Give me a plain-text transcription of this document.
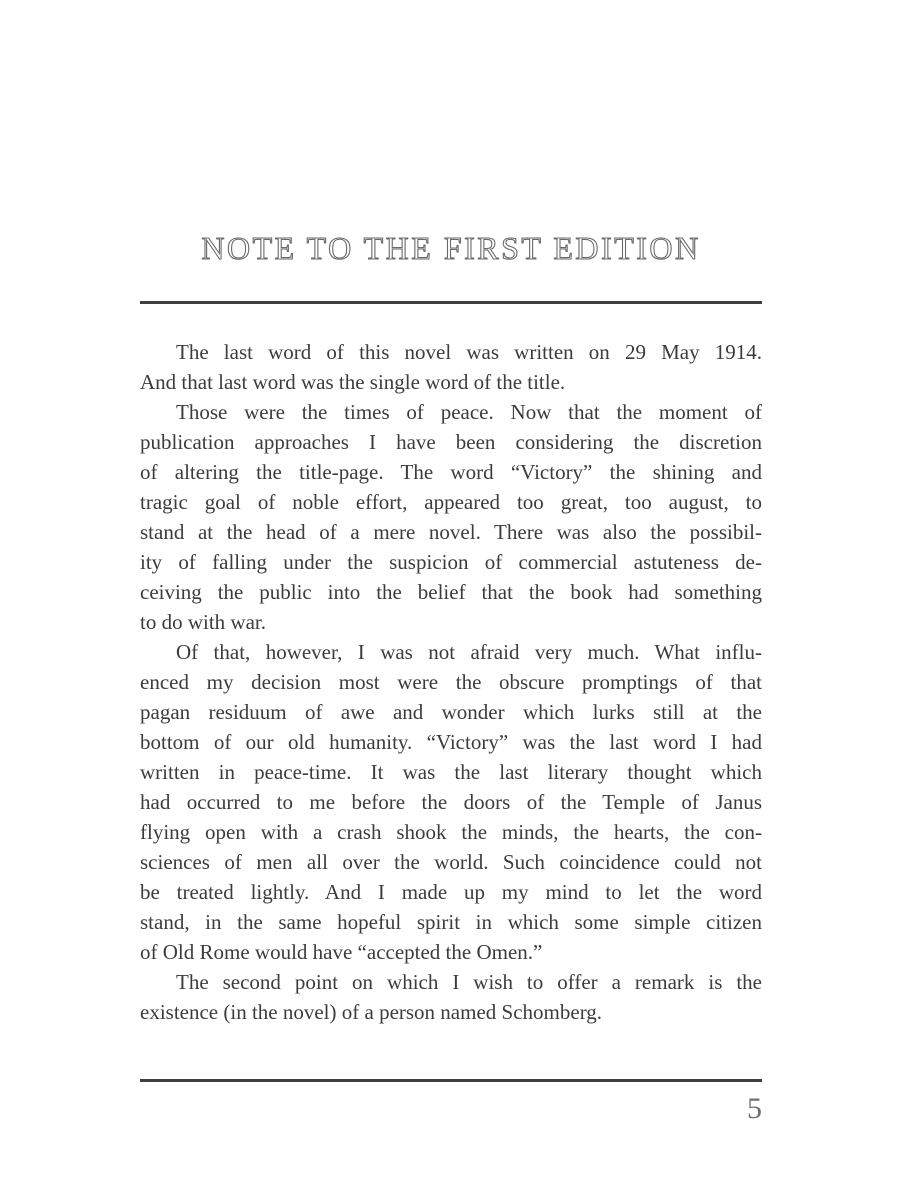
NOTE TO THE FIRST EDITION

The last word of this novel was written on 29 May 1914.
And that last word was the single word of the title.

Those were the times of peace. Now that the moment of
publication approaches I have been considering the discretion
of altering the title-page. The word “Victory” the shining and
tragic goal of noble effort, appeared too great, too august, to
stand at the head of a mere novel. There was also the possibil-
ity of falling under the suspicion of commercial astuteness de-
ceiving the public into the belief that the book had something
to do with war.

Of that, however, I was not afraid very much. What influ-
enced my decision most were the obscure promptings of that
pagan residuum of awe and wonder which lurks still at the
bottom of our old humanity. “Victory” was the last word I had
written in peace-time. It was the last literary thought which
had occurred to me before the doors of the Temple of Janus
flying open with a crash shook the minds, the hearts, the con-
sciences of men all over the world. Such coincidence could not
be treated lightly. And I made up my mind to let the word
stand, in the same hopeful spirit in which some simple citizen
of Old Rome would have “accepted the Omen.”

The second point on which I wish to offer a remark is the
existence (in the novel) of a person named Schomberg.

5
